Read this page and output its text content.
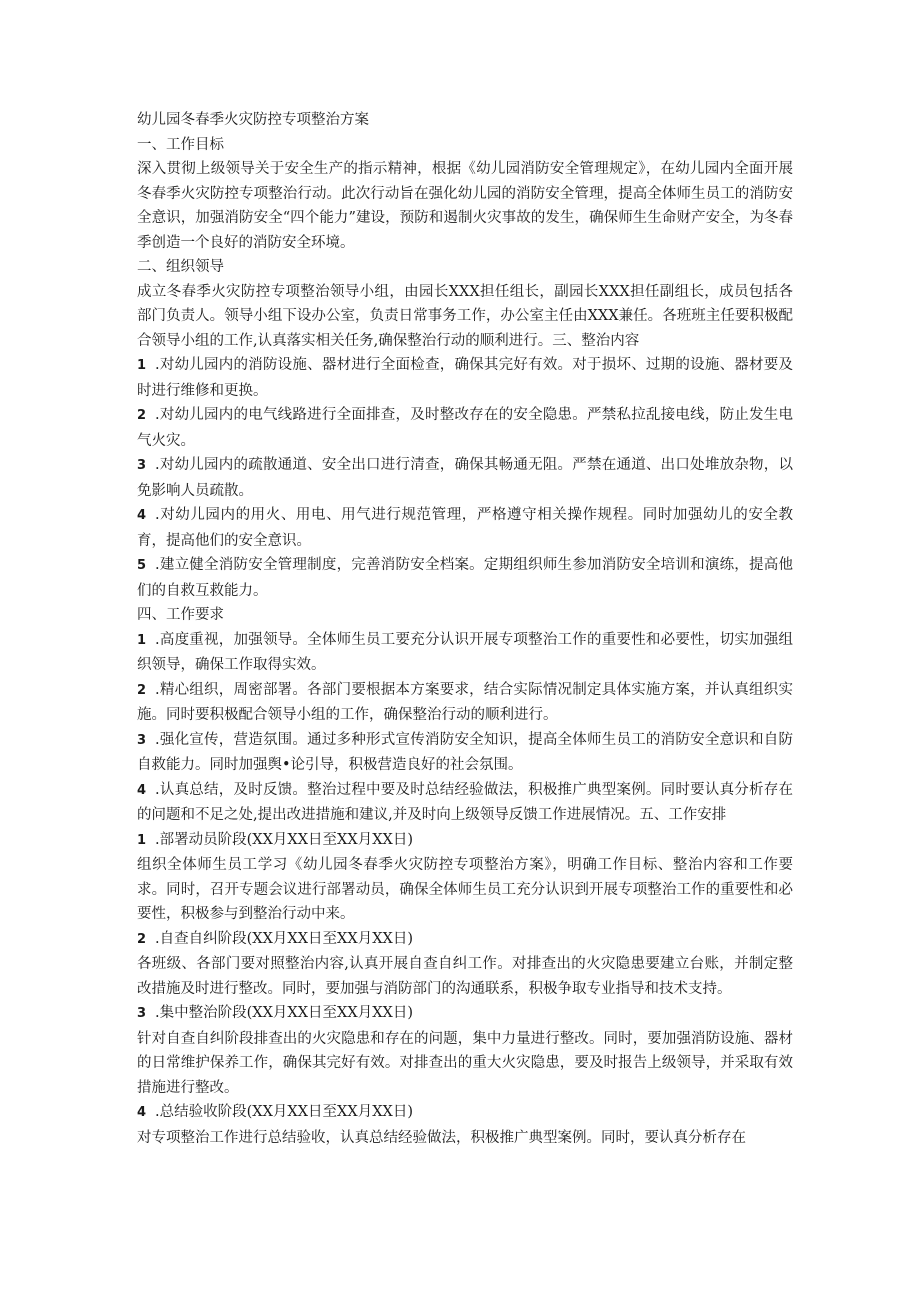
幼儿园冬春季火灾防控专项整治方案

一、工作目标

深入贯彻上级领导关于安全生产的指示精神，根据《幼儿园消防安全管理规定》，在幼儿园内全面开展冬春季火灾防控专项整治行动。此次行动旨在强化幼儿园的消防安全管理，提高全体师生员工的消防安全意识，加强消防安全“四个能力”建设，预防和遏制火灾事故的发生，确保师生生命财产安全，为冬春季创造一个良好的消防安全环境。

二、组织领导

成立冬春季火灾防控专项整治领导小组，由园长XXX担任组长，副园长XXX担任副组长，成员包括各部门负责人。领导小组下设办公室，负责日常事务工作，办公室主任由XXX兼任。各班班主任要积极配合领导小组的工作,认真落实相关任务,确保整治行动的顺利进行。三、整治内容

1 .对幼儿园内的消防设施、器材进行全面检查，确保其完好有效。对于损坏、过期的设施、器材要及时进行维修和更换。

2 .对幼儿园内的电气线路进行全面排查，及时整改存在的安全隐患。严禁私拉乱接电线，防止发生电气火灾。

3 .对幼儿园内的疏散通道、安全出口进行清查，确保其畅通无阻。严禁在通道、出口处堆放杂物，以免影响人员疏散。

4 .对幼儿园内的用火、用电、用气进行规范管理，严格遵守相关操作规程。同时加强幼儿的安全教育，提高他们的安全意识。

5 .建立健全消防安全管理制度，完善消防安全档案。定期组织师生参加消防安全培训和演练，提高他们的自救互救能力。

四、工作要求

1 .高度重视，加强领导。全体师生员工要充分认识开展专项整治工作的重要性和必要性，切实加强组织领导，确保工作取得实效。

2 .精心组织，周密部署。各部门要根据本方案要求，结合实际情况制定具体实施方案，并认真组织实施。同时要积极配合领导小组的工作，确保整治行动的顺利进行。

3 .强化宣传，营造氛围。通过多种形式宣传消防安全知识，提高全体师生员工的消防安全意识和自防自救能力。同时加强舆•论引导，积极营造良好的社会氛围。

4 .认真总结，及时反馈。整治过程中要及时总结经验做法，积极推广典型案例。同时要认真分析存在的问题和不足之处,提出改进措施和建议,并及时向上级领导反馈工作进展情况。五、工作安排

1 .部署动员阶段(XX月XX日至XX月XX日)

组织全体师生员工学习《幼儿园冬春季火灾防控专项整治方案》，明确工作目标、整治内容和工作要求。同时，召开专题会议进行部署动员，确保全体师生员工充分认识到开展专项整治工作的重要性和必要性，积极参与到整治行动中来。

2 .自查自纠阶段(XX月XX日至XX月XX日)

各班级、各部门要对照整治内容,认真开展自查自纠工作。对排查出的火灾隐患要建立台账，并制定整改措施及时进行整改。同时，要加强与消防部门的沟通联系，积极争取专业指导和技术支持。

3 .集中整治阶段(XX月XX日至XX月XX日)

针对自查自纠阶段排查出的火灾隐患和存在的问题，集中力量进行整改。同时，要加强消防设施、器材的日常维护保养工作，确保其完好有效。对排查出的重大火灾隐患，要及时报告上级领导，并采取有效措施进行整改。

4 .总结验收阶段(XX月XX日至XX月XX日)

对专项整治工作进行总结验收，认真总结经验做法，积极推广典型案例。同时，要认真分析存在
